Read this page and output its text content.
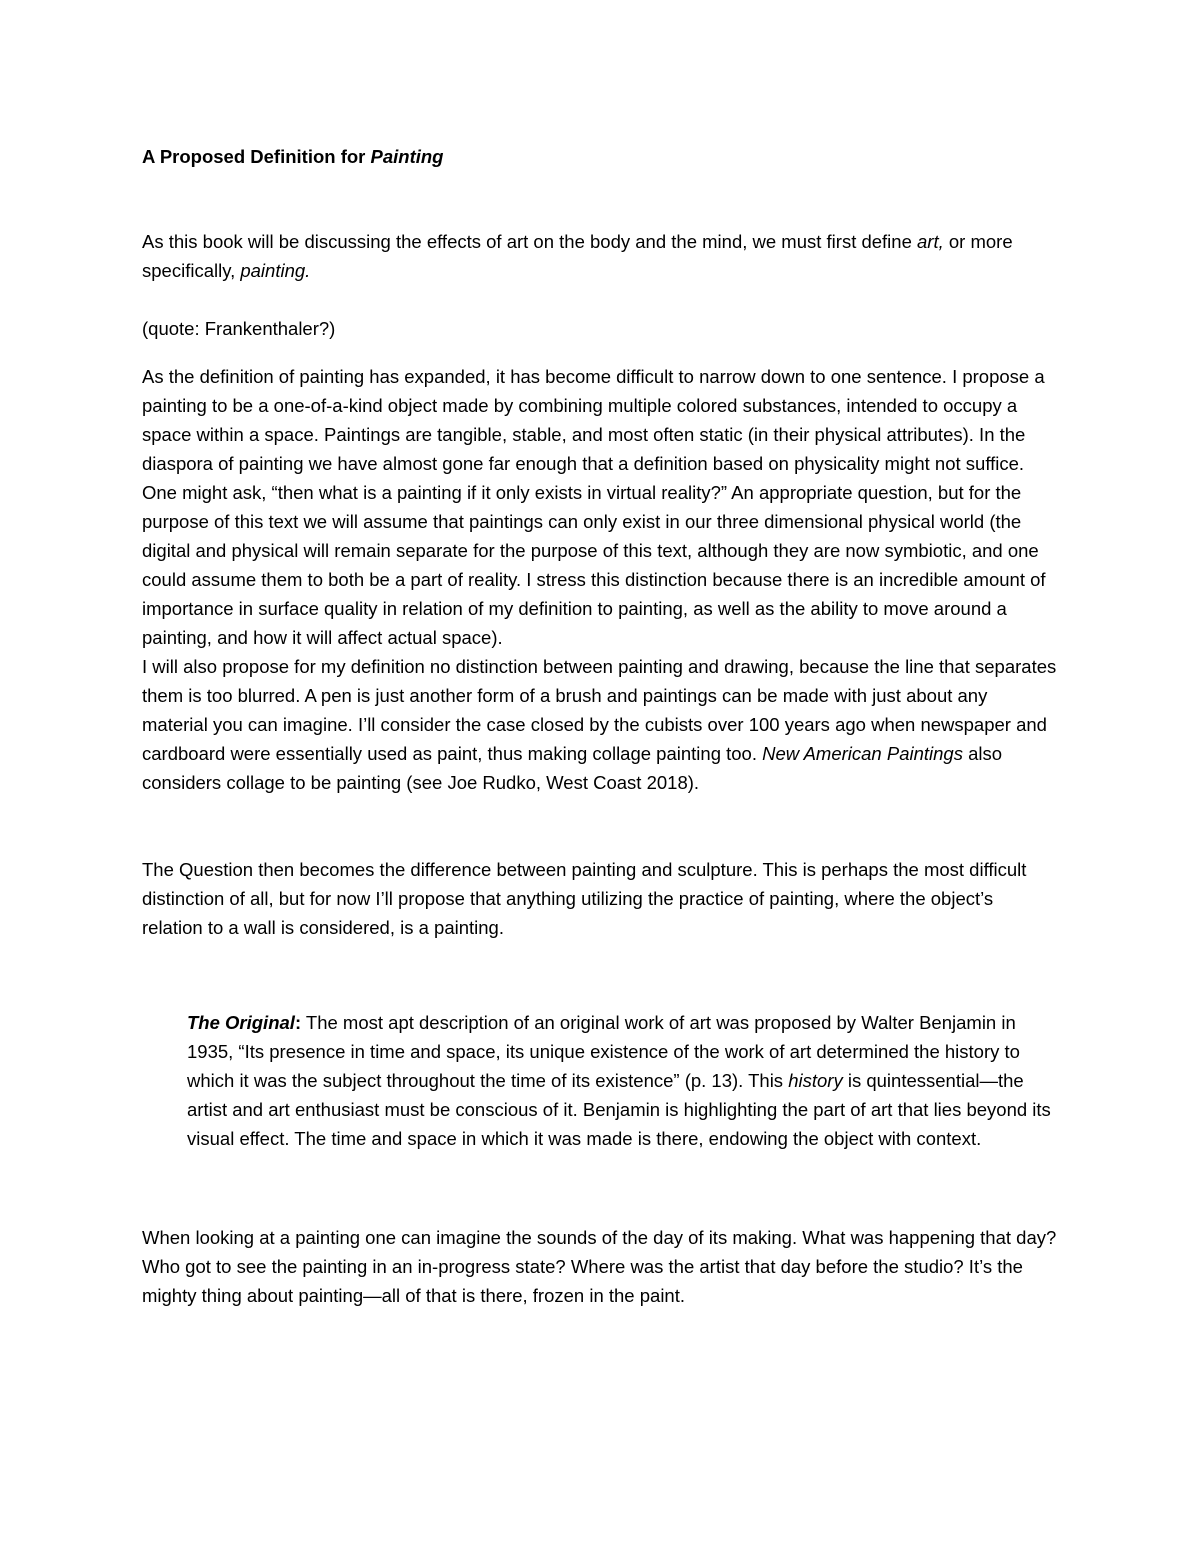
A Proposed Definition for Painting

As this book will be discussing the effects of art on the body and the mind, we must first define art, or more specifically, painting.

(quote: Frankenthaler?)

As the definition of painting has expanded, it has become difficult to narrow down to one sentence. I propose a painting to be a one-of-a-kind object made by combining multiple colored substances, intended to occupy a space within a space. Paintings are tangible, stable, and most often static (in their physical attributes). In the diaspora of painting we have almost gone far enough that a definition based on physicality might not suffice. One might ask, “then what is a painting if it only exists in virtual reality?” An appropriate question, but for the purpose of this text we will assume that paintings can only exist in our three dimensional physical world (the digital and physical will remain separate for the purpose of this text, although they are now symbiotic, and one could assume them to both be a part of reality. I stress this distinction because there is an incredible amount of importance in surface quality in relation of my definition to painting, as well as the ability to move around a painting, and how it will affect actual space).
I will also propose for my definition no distinction between painting and drawing, because the line that separates them is too blurred. A pen is just another form of a brush and paintings can be made with just about any material you can imagine. I’ll consider the case closed by the cubists over 100 years ago when newspaper and cardboard were essentially used as paint, thus making collage painting too. New American Paintings also considers collage to be painting (see Joe Rudko, West Coast 2018).

The Question then becomes the difference between painting and sculpture. This is perhaps the most difficult distinction of all, but for now I’ll propose that anything utilizing the practice of painting, where the object’s relation to a wall is considered, is a painting.

The Original: The most apt description of an original work of art was proposed by Walter Benjamin in 1935, “Its presence in time and space, its unique existence of the work of art determined the history to which it was the subject throughout the time of its existence” (p. 13). This history is quintessential—the artist and art enthusiast must be conscious of it. Benjamin is highlighting the part of art that lies beyond its visual effect. The time and space in which it was made is there, endowing the object with context.

When looking at a painting one can imagine the sounds of the day of its making. What was happening that day? Who got to see the painting in an in-progress state? Where was the artist that day before the studio? It’s the mighty thing about painting—all of that is there, frozen in the paint.
